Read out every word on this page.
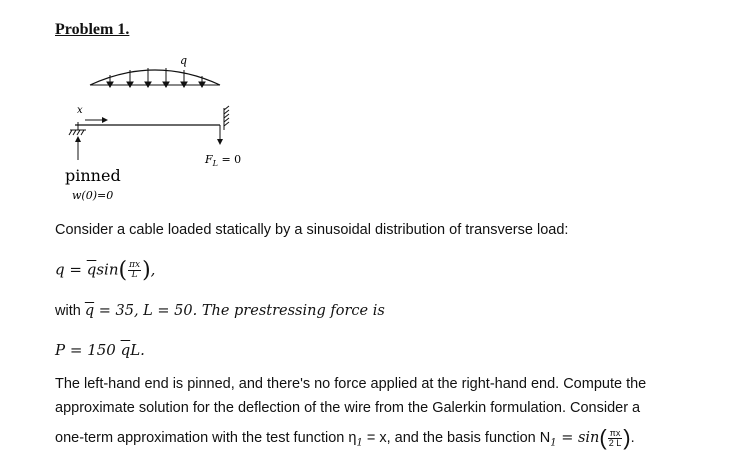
Problem 1.
q
x
$F_L = 0$
pinned
w(0)=0
Consider a cable loaded statically by a sinusoidal distribution of transverse load:
$q = \overline{q}\sin( \frac{\pi x}{L}$ ),
with $\overline{q} = 35$, L = 50. The prestressing force is
P = 150 $\overline{q}L$.
The left-hand end is pinned, and there's no force applied at the right-hand end. Compute the
approximate solution for the deflection of the wire from the Galerkin formulation. Consider a
one-term approximation with the test function $\eta_1 = x$, and the basis function $N_1 = \sin( \frac{\pi x}{2 L}$ ).
